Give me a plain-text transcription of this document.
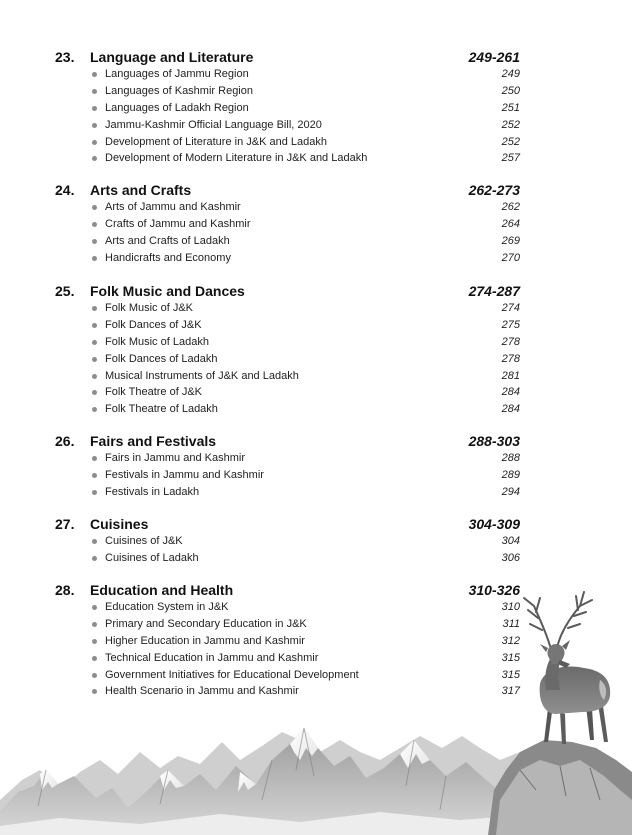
23. Language and Literature	249-261
Languages of Jammu Region	249
Languages of Kashmir Region	250
Languages of Ladakh Region	251
Jammu-Kashmir Official Language Bill, 2020	252
Development of Literature in J&K and Ladakh	252
Development of Modern Literature in J&K and Ladakh	257
24. Arts and Crafts	262-273
Arts of Jammu and Kashmir	262
Crafts of Jammu and Kashmir	264
Arts and Crafts of Ladakh	269
Handicrafts and Economy	270
25. Folk Music and Dances	274-287
Folk Music of J&K	274
Folk Dances of J&K	275
Folk Music of Ladakh	278
Folk Dances of Ladakh	278
Musical Instruments of J&K and Ladakh	281
Folk Theatre of J&K	284
Folk Theatre of Ladakh	284
26. Fairs and Festivals	288-303
Fairs in Jammu and Kashmir	288
Festivals in Jammu and Kashmir	289
Festivals in Ladakh	294
27. Cuisines	304-309
Cuisines of J&K	304
Cuisines of Ladakh	306
28. Education and Health	310-326
Education System in J&K	310
Primary and Secondary Education in J&K	311
Higher Education in Jammu and Kashmir	312
Technical Education in Jammu and Kashmir	315
Government Initiatives for Educational Development	315
Health Scenario in Jammu and Kashmir	317
